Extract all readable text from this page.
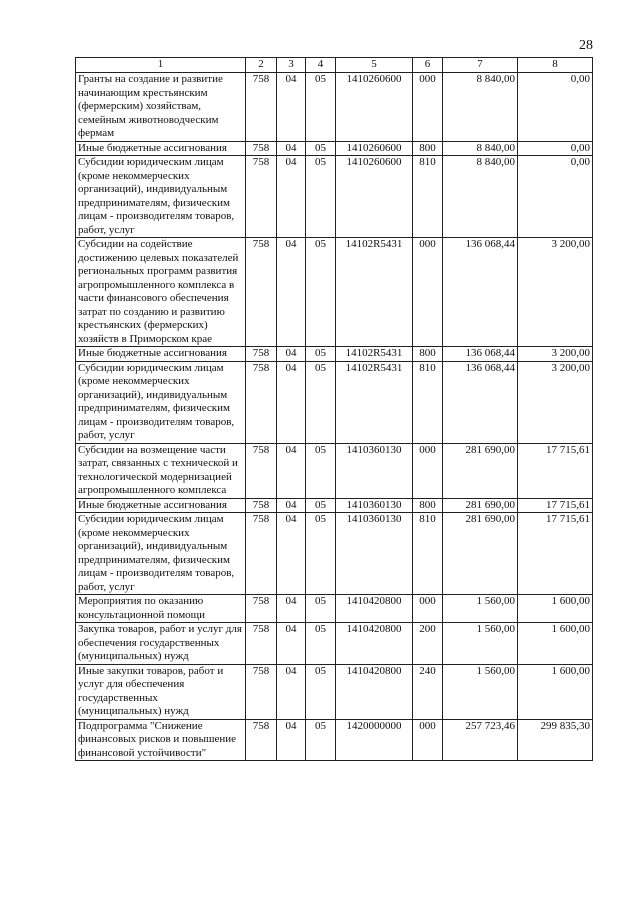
28
1	2	3	4	5	6	7	8
Гранты на создание и развитие начинающим крестьянским (фермерским) хозяйствам, семейным животноводческим фермам	758	04	05	1410260600	000	8 840,00	0,00
Иные бюджетные ассигнования	758	04	05	1410260600	800	8 840,00	0,00
Субсидии юридическим лицам (кроме некоммерческих организаций), индивидуальным предпринимателям, физическим лицам - производителям товаров, работ, услуг	758	04	05	1410260600	810	8 840,00	0,00
Субсидии на содействие достижению целевых показателей региональных программ развития агропромышленного комплекса в части финансового обеспечения затрат по созданию и развитию крестьянских (фермерских) хозяйств в Приморском крае	758	04	05	14102R5431	000	136 068,44	3 200,00
Иные бюджетные ассигнования	758	04	05	14102R5431	800	136 068,44	3 200,00
Субсидии юридическим лицам (кроме некоммерческих организаций), индивидуальным предпринимателям, физическим лицам - производителям товаров, работ, услуг	758	04	05	14102R5431	810	136 068,44	3 200,00
Субсидии на возмещение части затрат, связанных с технической и технологической модернизацией агропромышленного комплекса	758	04	05	1410360130	000	281 690,00	17 715,61
Иные бюджетные ассигнования	758	04	05	1410360130	800	281 690,00	17 715,61
Субсидии юридическим лицам (кроме некоммерческих организаций), индивидуальным предпринимателям, физическим лицам - производителям товаров, работ, услуг	758	04	05	1410360130	810	281 690,00	17 715,61
Мероприятия по оказанию консультационной помощи	758	04	05	1410420800	000	1 560,00	1 600,00
Закупка товаров, работ и услуг для обеспечения государственных (муниципальных) нужд	758	04	05	1410420800	200	1 560,00	1 600,00
Иные закупки товаров, работ и услуг для обеспечения государственных (муниципальных) нужд	758	04	05	1410420800	240	1 560,00	1 600,00
Подпрограмма "Снижение финансовых рисков и повышение финансовой устойчивости"	758	04	05	1420000000	000	257 723,46	299 835,30
